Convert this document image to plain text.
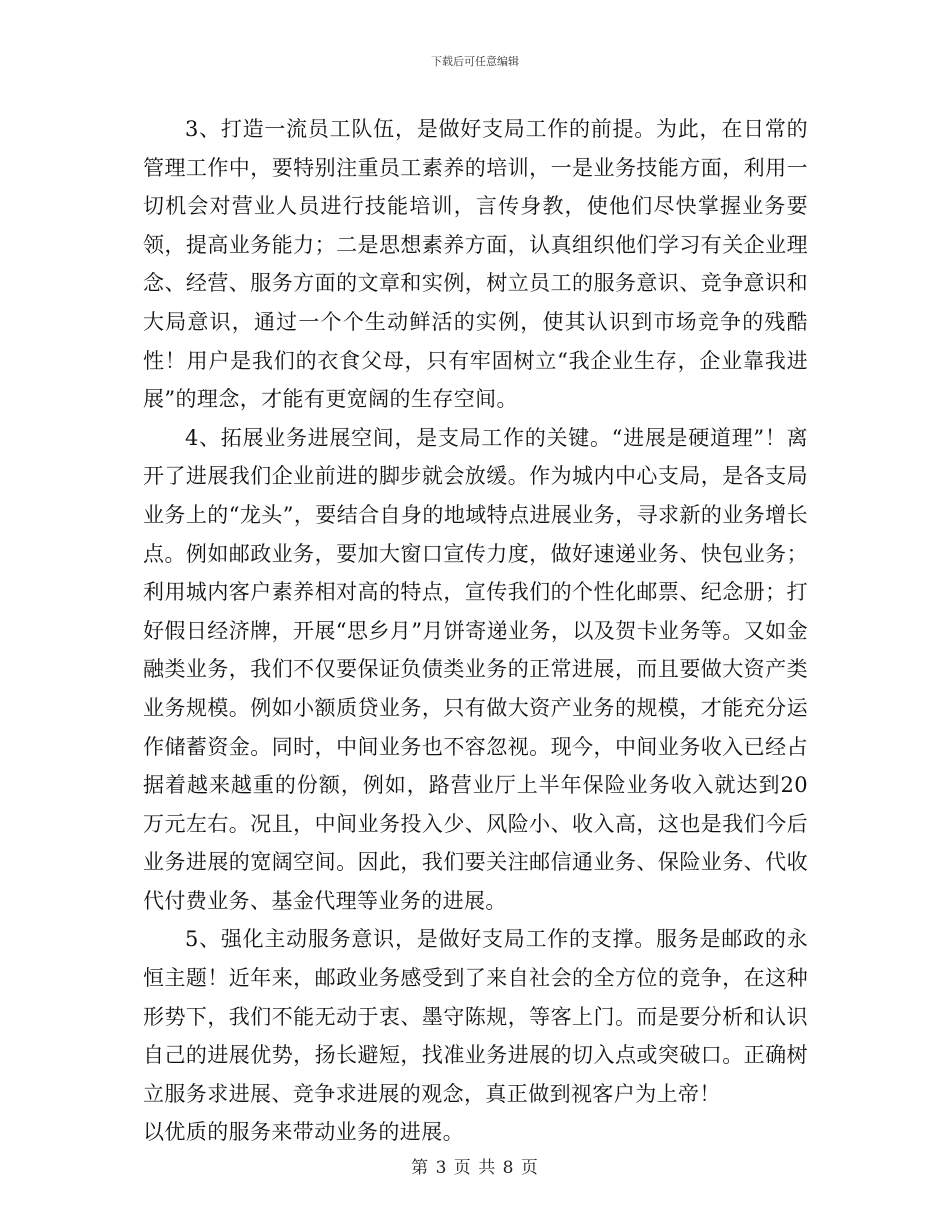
下载后可任意编辑

3、打造一流员工队伍，是做好支局工作的前提。为此，在日常的管理工作中，要特别注重员工素养的培训，一是业务技能方面，利用一切机会对营业人员进行技能培训，言传身教，使他们尽快掌握业务要领，提高业务能力；二是思想素养方面，认真组织他们学习有关企业理念、经营、服务方面的文章和实例，树立员工的服务意识、竞争意识和大局意识，通过一个个生动鲜活的实例，使其认识到市场竞争的残酷性！用户是我们的衣食父母，只有牢固树立“我企业生存，企业靠我进展”的理念，才能有更宽阔的生存空间。

4、拓展业务进展空间，是支局工作的关键。“进展是硬道理”！离开了进展我们企业前进的脚步就会放缓。作为城内中心支局，是各支局业务上的“龙头”，要结合自身的地域特点进展业务，寻求新的业务增长点。例如邮政业务，要加大窗口宣传力度，做好速递业务、快包业务；利用城内客户素养相对高的特点，宣传我们的个性化邮票、纪念册；打好假日经济牌，开展“思乡月”月饼寄递业务，以及贺卡业务等。又如金融类业务，我们不仅要保证负债类业务的正常进展，而且要做大资产类业务规模。例如小额质贷业务，只有做大资产业务的规模，才能充分运作储蓄资金。同时，中间业务也不容忽视。现今，中间业务收入已经占据着越来越重的份额，例如，路营业厅上半年保险业务收入就达到20万元左右。况且，中间业务投入少、风险小、收入高，这也是我们今后业务进展的宽阔空间。因此，我们要关注邮信通业务、保险业务、代收代付费业务、基金代理等业务的进展。

5、强化主动服务意识，是做好支局工作的支撑。服务是邮政的永恒主题！近年来，邮政业务感受到了来自社会的全方位的竞争，在这种形势下，我们不能无动于衷、墨守陈规，等客上门。而是要分析和认识自己的进展优势，扬长避短，找准业务进展的切入点或突破口。正确树立服务求进展、竞争求进展的观念，真正做到视客户为上帝！

以优质的服务来带动业务的进展。

第 3 页 共 8 页
